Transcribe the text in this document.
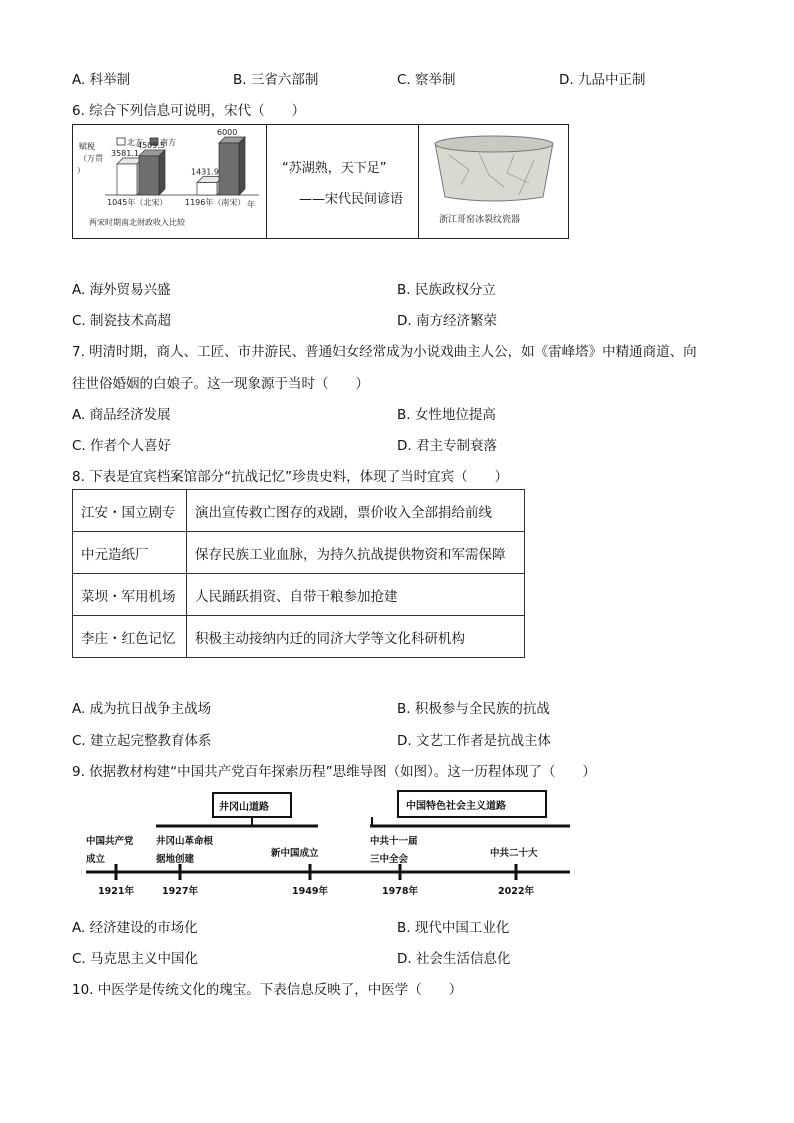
A. 科举制	B. 三省六部制	C. 察举制	D. 九品中正制
6. 综合下列信息可说明，宋代（　　）
赋税
（万贯
）
北方 南方
3581.1
4509.5
1431.9
6000
年
1045年（北宋） 1196年（南宋）
两宋时期南北财政收入比较
“苏湖熟，天下足”
——宋代民间谚语
浙江哥窑冰裂纹瓷器
A. 海外贸易兴盛	B. 民族政权分立
C. 制瓷技术高超	D. 南方经济繁荣
7. 明清时期，商人、工匠、市井游民、普通妇女经常成为小说戏曲主人公，如《雷峰塔》中精通商道、向
往世俗婚姻的白娘子。这一现象源于当时（　　）
A. 商品经济发展	B. 女性地位提高
C. 作者个人喜好	D. 君主专制衰落
8. 下表是宜宾档案馆部分“抗战记忆”珍贵史料，体现了当时宜宾（　　）
江安・国立剧专	演出宣传救亡图存的戏剧，票价收入全部捐给前线
中元造纸厂	保存民族工业血脉，为持久抗战提供物资和军需保障
菜坝・军用机场	人民踊跃捐资、自带干粮参加抢建
李庄・红色记忆	积极主动接纳内迁的同济大学等文化科研机构
A. 成为抗日战争主战场	B. 积极参与全民族的抗战
C. 建立起完整教育体系	D. 文艺工作者是抗战主体
9. 依据教材构建“中国共产党百年探索历程”思维导图（如图）。这一历程体现了（　　）
井冈山道路	中国特色社会主义道路
中国共产党
成立
1921年
井冈山革命根
据地创建
1927年
新中国成立
1949年
中共十一届
三中全会
1978年
中共二十大
2022年
A. 经济建设的市场化	B. 现代中国工业化
C. 马克思主义中国化	D. 社会生活信息化
10. 中医学是传统文化的瑰宝。下表信息反映了，中医学（　　）
